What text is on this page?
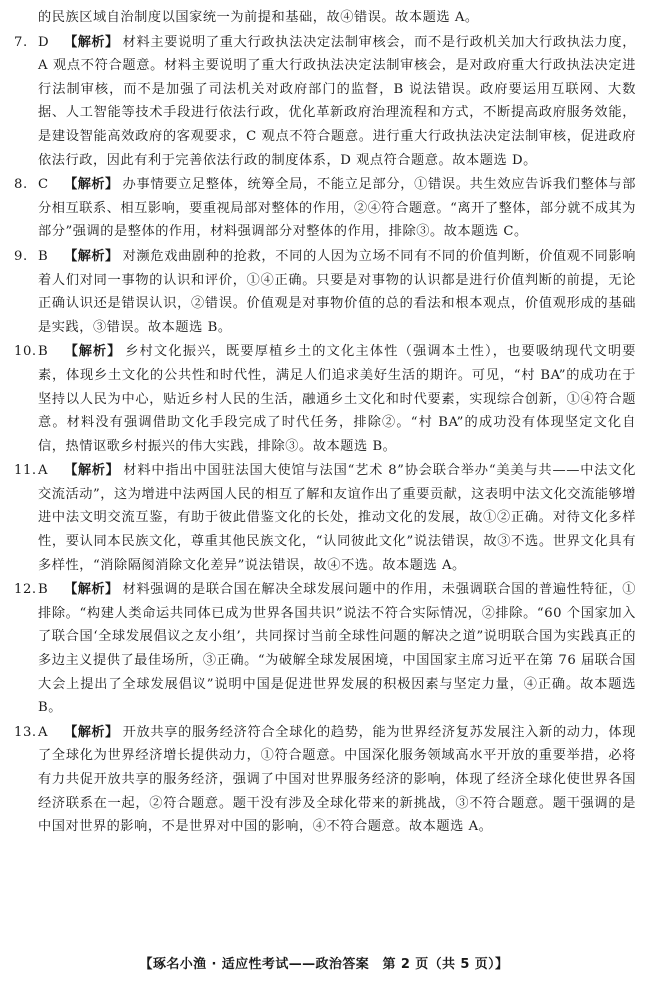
的民族区域自治制度以国家统一为前提和基础，故④错误。故本题选 A。
7. D 【解析】 材料主要说明了重大行政执法决定法制审核会，而不是行政机关加大行政执法力度，A 观点不符合题意。材料主要说明了重大行政执法决定法制审核会，是对政府重大行政执法决定进行法制审核，而不是加强了司法机关对政府部门的监督，B 说法错误。政府要运用互联网、大数据、人工智能等技术手段进行依法行政，优化革新政府治理流程和方式，不断提高政府服务效能，是建设智能高效政府的客观要求，C 观点不符合题意。进行重大行政执法决定法制审核，促进政府依法行政，因此有利于完善依法行政的制度体系，D 观点符合题意。故本题选 D。
8. C 【解析】 办事情要立足整体，统筹全局，不能立足部分，①错误。共生效应告诉我们整体与部分相互联系、相互影响，要重视局部对整体的作用，②④符合题意。“离开了整体，部分就不成其为部分”强调的是整体的作用，材料强调部分对整体的作用，排除③。故本题选 C。
9. B 【解析】 对濒危戏曲剧种的抢救，不同的人因为立场不同有不同的价值判断，价值观不同影响着人们对同一事物的认识和评价，①④正确。只要是对事物的认识都是进行价值判断的前提，无论正确认识还是错误认识，②错误。价值观是对事物价值的总的看法和根本观点，价值观形成的基础是实践，③错误。故本题选 B。
10. B 【解析】 乡村文化振兴，既要厚植乡土的文化主体性（强调本土性），也要吸纳现代文明要素，体现乡土文化的公共性和时代性，满足人们追求美好生活的期许。可见，“村 BA”的成功在于坚持以人民为中心，贴近乡村人民的生活，融通乡土文化和时代要素，实现综合创新，①④符合题意。材料没有强调借助文化手段完成了时代任务，排除②。“村 BA”的成功没有体现坚定文化自信，热情讴歌乡村振兴的伟大实践，排除③。故本题选 B。
11. A 【解析】 材料中指出中国驻法国大使馆与法国“艺术 8”协会联合举办“美美与共——中法文化交流活动”，这为增进中法两国人民的相互了解和友谊作出了重要贡献，这表明中法文化交流能够增进中法文明交流互鉴，有助于彼此借鉴文化的长处，推动文化的发展，故①②正确。对待文化多样性，要认同本民族文化，尊重其他民族文化，“认同彼此文化”说法错误，故③不选。世界文化具有多样性，“消除隔阂消除文化差异”说法错误，故④不选。故本题选 A。
12. B 【解析】 材料强调的是联合国在解决全球发展问题中的作用，未强调联合国的普遍性特征，①排除。“构建人类命运共同体已成为世界各国共识”说法不符合实际情况，②排除。“60 个国家加入了联合国‘全球发展倡议之友小组’，共同探讨当前全球性问题的解决之道”说明联合国为实践真正的多边主义提供了最佳场所，③正确。“为破解全球发展困境，中国国家主席习近平在第 76 届联合国大会上提出了全球发展倡议”说明中国是促进世界发展的积极因素与坚定力量，④正确。故本题选 B。
13. A 【解析】 开放共享的服务经济符合全球化的趋势，能为世界经济复苏发展注入新的动力，体现了全球化为世界经济增长提供动力，①符合题意。中国深化服务领域高水平开放的重要举措，必将有力共促开放共享的服务经济，强调了中国对世界服务经济的影响，体现了经济全球化使世界各国经济联系在一起，②符合题意。题干没有涉及全球化带来的新挑战，③不符合题意。题干强调的是中国对世界的影响，不是世界对中国的影响，④不符合题意。故本题选 A。
【琢名小渔 · 适应性考试——政治答案　第 2 页（共 5 页）】
